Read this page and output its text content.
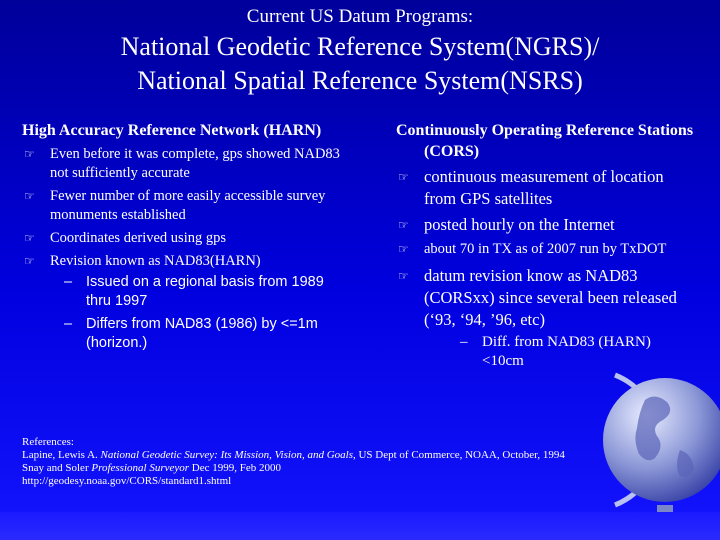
Current US Datum Programs:
National Geodetic Reference System(NGRS)/
National Spatial Reference System(NSRS)
High Accuracy Reference Network (HARN)
☞ Even before it was complete, gps showed NAD83 not sufficiently accurate
☞ Fewer number of more easily accessible survey monuments established
☞ Coordinates derived using gps
☞ Revision known as NAD83(HARN)
– Issued on a regional basis from 1989 thru 1997
– Differs from NAD83 (1986) by <=1m (horizon.)
Continuously Operating Reference Stations (CORS)
☞ continuous measurement of location from GPS satellites
☞ posted hourly on the Internet
☞ about 70 in TX as of 2007 run by TxDOT
☞ datum revision know as NAD83 (CORSxx) since several been released (‘93, ‘94, ’96, etc)
– Diff. from NAD83 (HARN) <10cm

References:

Lapine, Lewis A. National Geodetic Survey: Its Mission, Vision, and Goals, US Dept of Commerce, NOAA, October, 1994

Snay and Soler Professional Surveyor Dec 1999, Feb 2000

http://geodesy.noaa.gov/CORS/standard1.shtml
